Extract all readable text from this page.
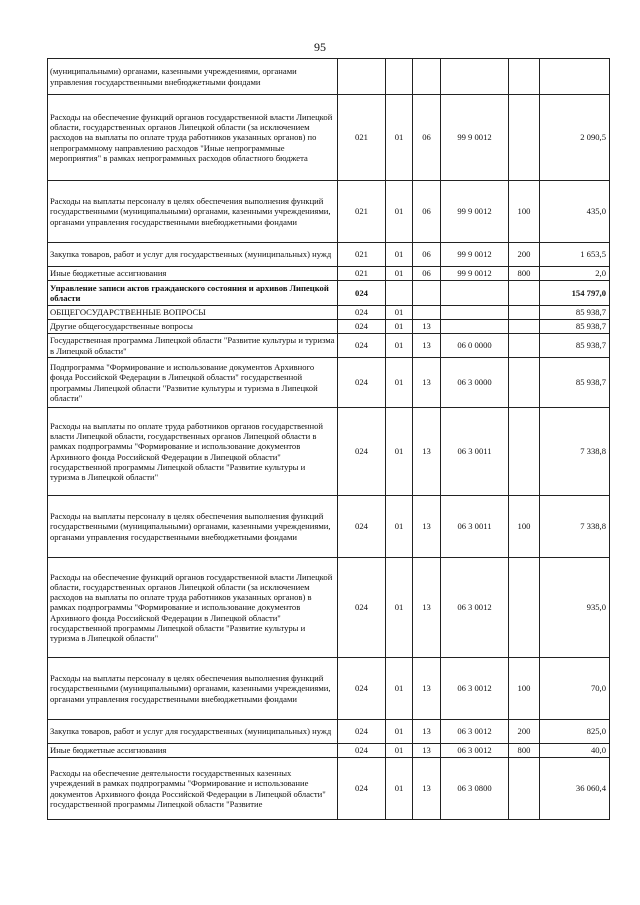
95
(муниципальными) органами, казенными учреждениями, органами управления государственными внебюджетными фондами						
Расходы на обеспечение функций органов государственной власти Липецкой области, государственных органов Липецкой области (за исключением расходов на выплаты по оплате труда работников указанных органов) по непрограммному направлению расходов "Иные непрограммные мероприятия" в рамках непрограммных расходов областного бюджета	021	01	06	99 9 0012		2 090,5
Расходы на выплаты персоналу в целях обеспечения выполнения функций государственными (муниципальными) органами, казенными учреждениями, органами управления государственными внебюджетными фондами	021	01	06	99 9 0012	100	435,0
Закупка товаров, работ и услуг для государственных (муниципальных) нужд	021	01	06	99 9 0012	200	1 653,5
Иные бюджетные ассигнования	021	01	06	99 9 0012	800	2,0
Управление записи актов гражданского состояния и архивов Липецкой области	024					154 797,0
ОБЩЕГОСУДАРСТВЕННЫЕ ВОПРОСЫ	024	01				85 938,7
Другие общегосударственные вопросы	024	01	13			85 938,7
Государственная программа Липецкой области "Развитие культуры и туризма в Липецкой области"	024	01	13	06 0 0000		85 938,7
Подпрограмма "Формирование и использование документов Архивного фонда Российской Федерации в Липецкой области" государственной программы Липецкой области "Развитие культуры и туризма в Липецкой области"	024	01	13	06 3 0000		85 938,7
Расходы на выплаты по оплате труда работников органов государственной власти Липецкой области, государственных органов Липецкой области в рамках подпрограммы "Формирование и использование документов Архивного фонда Российской Федерации в Липецкой области" государственной программы Липецкой области "Развитие культуры и туризма в Липецкой области"	024	01	13	06 3 0011		7 338,8
Расходы на выплаты персоналу в целях обеспечения выполнения функций государственными (муниципальными) органами, казенными учреждениями, органами управления государственными внебюджетными фондами	024	01	13	06 3 0011	100	7 338,8
Расходы на обеспечение функций органов государственной власти Липецкой области, государственных органов Липецкой области (за исключением расходов на выплаты по оплате труда работников указанных органов) в рамках подпрограммы "Формирование и использование документов Архивного фонда Российской Федерации в Липецкой области" государственной программы Липецкой области "Развитие культуры и туризма в Липецкой области"	024	01	13	06 3 0012		935,0
Расходы на выплаты персоналу в целях обеспечения выполнения функций государственными (муниципальными) органами, казенными учреждениями, органами управления государственными внебюджетными фондами	024	01	13	06 3 0012	100	70,0
Закупка товаров, работ и услуг для государственных (муниципальных) нужд	024	01	13	06 3 0012	200	825,0
Иные бюджетные ассигнования	024	01	13	06 3 0012	800	40,0
Расходы на обеспечение деятельности государственных казенных учреждений в рамках подпрограммы "Формирование и использование документов Архивного фонда Российской Федерации в Липецкой области" государственной программы Липецкой области "Развитие	024	01	13	06 3 0800		36 060,4
